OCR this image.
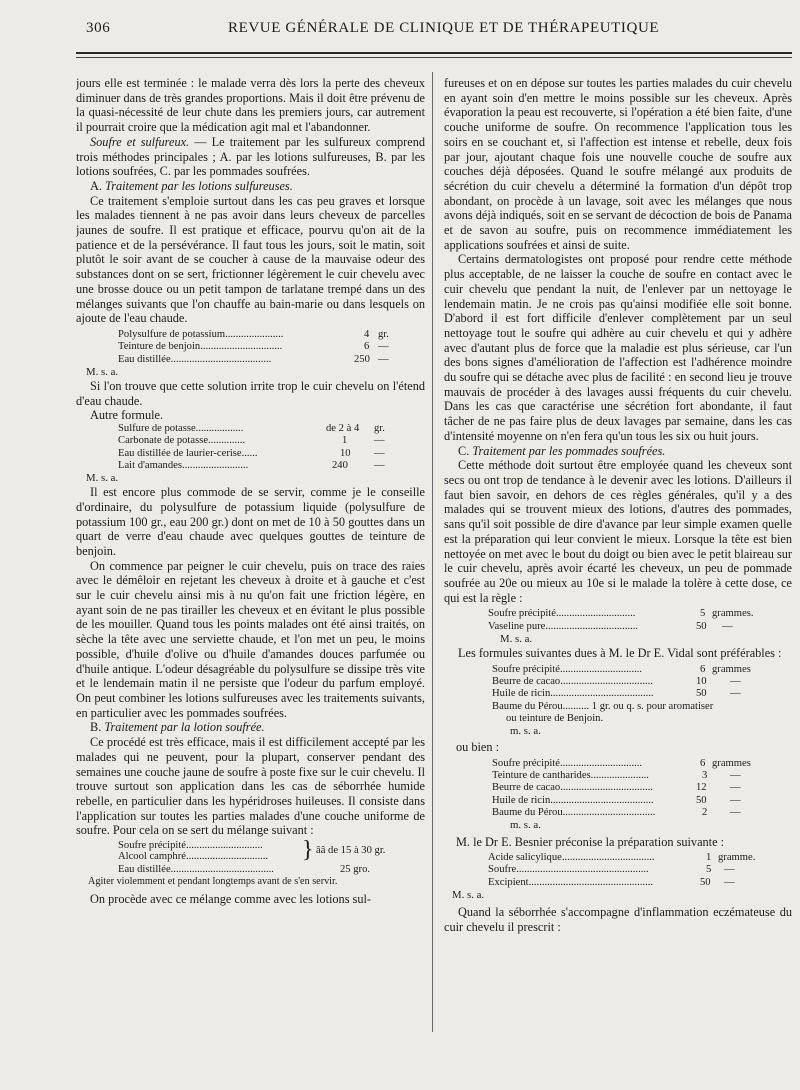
306	REVUE GÉNÉRALE DE CLINIQUE ET DE THÉRAPEUTIQUE

jours elle est terminée : le malade verra dès lors la perte des cheveux diminuer dans de très grandes proportions. Mais il doit être prévenu de la quasi-nécessité de leur chute dans les premiers jours, car autrement il pourrait croire que la médication agit mal et l'abandonner.

Soufre et sulfureux. — Le traitement par les sulfureux comprend trois méthodes principales ; A. par les lotions sulfureuses, B. par les lotions soufrées, C. par les pommades soufrées.

A. Traitement par les lotions sulfureuses.

Ce traitement s'emploie surtout dans les cas peu graves et lorsque les malades tiennent à ne pas avoir dans leurs cheveux de parcelles jaunes de soufre. Il est pratique et efficace, pourvu qu'on ait de la patience et de la persévérance. Il faut tous les jours, soit le matin, soit plutôt le soir avant de se coucher à cause de la mauvaise odeur des substances dont on se sert, frictionner légèrement le cuir chevelu avec une brosse douce ou un petit tampon de tarlatane trempé dans un des mélanges suivants que l'on chauffe au bain-marie ou dans lesquels on ajoute de l'eau chaude.

Polysulfure de potassium......................	4 gr.
Teinture de benjoin...............................	6 —
Eau distillée......................................	250 —
M. s. a.

Si l'on trouve que cette solution irrite trop le cuir chevelu on l'étend d'eau chaude.

Autre formule.

Sulfure de potasse..................	de 2 à 4 gr.
Carbonate de potasse..............	1	—
Eau distillée de laurier-cerise......	10 —
Lait d'amandes.........................	240 —
M. s. a.

Il est encore plus commode de se servir, comme je le conseille d'ordinaire, du polysulfure de potassium liquide (polysulfure de potassium 100 gr., eau 200 gr.) dont on met de 10 à 50 gouttes dans un quart de verre d'eau chaude avec quelques gouttes de teinture de benjoin.

On commence par peigner le cuir chevelu, puis on trace des raies avec le démêloir en rejetant les cheveux à droite et à gauche et c'est sur le cuir chevelu ainsi mis à nu qu'on fait une friction légère, en ayant soin de ne pas tirailler les cheveux et en évitant le plus possible de les mouiller. Quand tous les points malades ont été ainsi traités, on sèche la tête avec une serviette chaude, et l'on met un peu, le moins possible, d'huile d'olive ou d'huile d'amandes douces parfumée ou d'huile antique. L'odeur désagréable du polysulfure se dissipe très vite et le lendemain matin il ne persiste que l'odeur du parfum employé. On peut combiner les lotions sulfureuses avec les traitements suivants, en particulier avec les pommades soufrées.

B. Traitement par la lotion soufrée.

Ce procédé est très efficace, mais il est difficilement accepté par les malades qui ne peuvent, pour la plupart, conserver pendant des semaines une couche jaune de soufre à poste fixe sur le cuir chevelu. Il trouve surtout son application dans les cas de séborrhée humide rebelle, en particulier dans les hypéridroses huileuses. Il consiste dans l'application sur toutes les parties malades d'une couche uniforme de soufre. Pour cela on se sert du mélange suivant :

Soufre précipité.............................
Alcool camphré............................... } ââ de 15 à 30 gr.
Eau distillée.......................................	25 gro.
Agiter violemment et pendant longtemps avant de s'en servir.

On procède avec ce mélange comme avec les lotions sul-

fureuses et on en dépose sur toutes les parties malades du cuir chevelu en ayant soin d'en mettre le moins possible sur les cheveux. Après évaporation la peau est recouverte, si l'opération a été bien faite, d'une couche uniforme de soufre. On recommence l'application tous les soirs en se couchant et, si l'affection est intense et rebelle, deux fois par jour, ajoutant chaque fois une nouvelle couche de soufre aux couches déjà déposées. Quand le soufre mélangé aux produits de sécrétion du cuir chevelu a déterminé la formation d'un dépôt trop abondant, on procède à un lavage, soit avec les mélanges que nous avons déjà indiqués, soit en se servant de décoction de bois de Panama et de savon au soufre, puis on recommence immédiatement les applications soufrées et ainsi de suite.

Certains dermatologistes ont proposé pour rendre cette méthode plus acceptable, de ne laisser la couche de soufre en contact avec le cuir chevelu que pendant la nuit, de l'enlever par un nettoyage le lendemain matin. Je ne crois pas qu'ainsi modifiée elle soit bonne. D'abord il est fort difficile d'enlever complètement par un seul nettoyage tout le soufre qui adhère au cuir chevelu et qui y adhère avec d'autant plus de force que la maladie est plus sérieuse, car l'un des bons signes d'amélioration de l'affection est l'adhérence moindre du soufre qui se détache avec plus de facilité : en second lieu je trouve mauvais de procéder à des lavages aussi fréquents du cuir chevelu. Dans les cas que caractérise une sécrétion fort abondante, il faut tâcher de ne pas faire plus de deux lavages par semaine, dans les cas d'intensité moyenne on n'en fera qu'un tous les six ou huit jours.

C. Traitement par les pommades soufrées.

Cette méthode doit surtout être employée quand les cheveux sont secs ou ont trop de tendance à le devenir avec les lotions. D'ailleurs il faut bien savoir, en dehors de ces règles générales, qu'il y a des malades qui se trouvent mieux des lotions, d'autres des pommades, sans qu'il soit possible de dire d'avance par leur simple examen quelle est la préparation qui leur convient le mieux. Lorsque la tête est bien nettoyée on met avec le bout du doigt ou bien avec le petit blaireau sur le cuir chevelu, après avoir écarté les cheveux, un peu de pommade soufrée au 20e ou mieux au 10e si le malade la tolère à cette dose, ce qui est la règle :

Soufre précipité..............................	5 grammes.
Vaseline pure...................................	50 —
M. s. a.

Les formules suivantes dues à M. le Dr E. Vidal sont préférables :

Soufre précipité...............................	6 grammes
Beurre de cacao...................................	10 —
Huile de ricin.......................................	50 —
Baume du Pérou.......... 1 gr. ou q. s. pour aromatiser
ou teinture de Benjoin.
m. s. a.

ou bien :

Soufre précipité...............................	6 grammes
Teinture de cantharides......................	3 —
Beurre de cacao...................................	12 —
Huile de ricin.......................................	50 —
Baume du Pérou...................................	2 —
m. s. a.

M. le Dr E. Besnier préconise la préparation suivante :

Acide salicylique...................................	1 gramme.
Soufre..................................................	5 —
Excipient...............................................	50 —
M. s. a.

Quand la séborrhée s'accompagne d'inflammation eczémateuse du cuir chevelu il prescrit :
